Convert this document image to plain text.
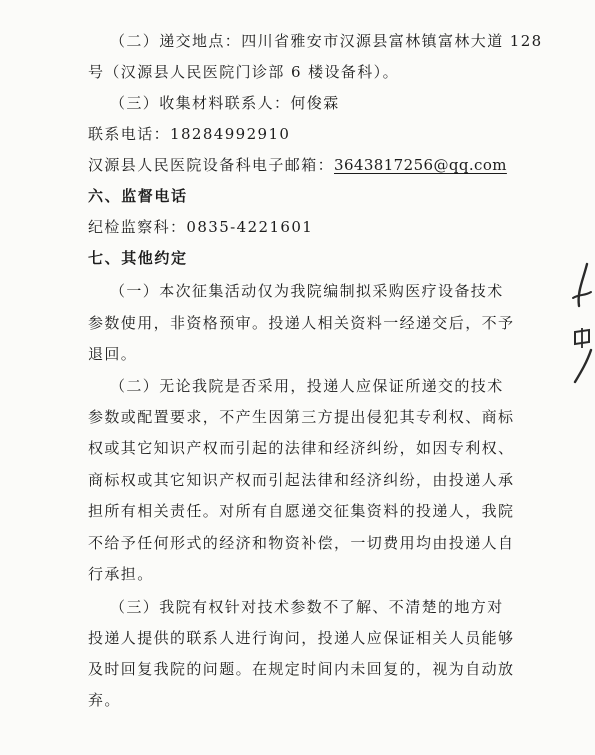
（二）递交地点：四川省雅安市汉源县富林镇富林大道 128
号（汉源县人民医院门诊部 6 楼设备科）。
（三）收集材料联系人：何俊霖
联系电话：18284992910
汉源县人民医院设备科电子邮箱：3643817256@qq.com
六、监督电话
纪检监察科：0835-4221601
七、其他约定
（一）本次征集活动仅为我院编制拟采购医疗设备技术
参数使用，非资格预审。投递人相关资料一经递交后，不予
退回。
（二）无论我院是否采用，投递人应保证所递交的技术
参数或配置要求，不产生因第三方提出侵犯其专利权、商标
权或其它知识产权而引起的法律和经济纠纷，如因专利权、
商标权或其它知识产权而引起法律和经济纠纷，由投递人承
担所有相关责任。对所有自愿递交征集资料的投递人，我院
不给予任何形式的经济和物资补偿，一切费用均由投递人自
行承担。
（三）我院有权针对技术参数不了解、不清楚的地方对
投递人提供的联系人进行询问，投递人应保证相关人员能够
及时回复我院的问题。在规定时间内未回复的，视为自动放
弃。
